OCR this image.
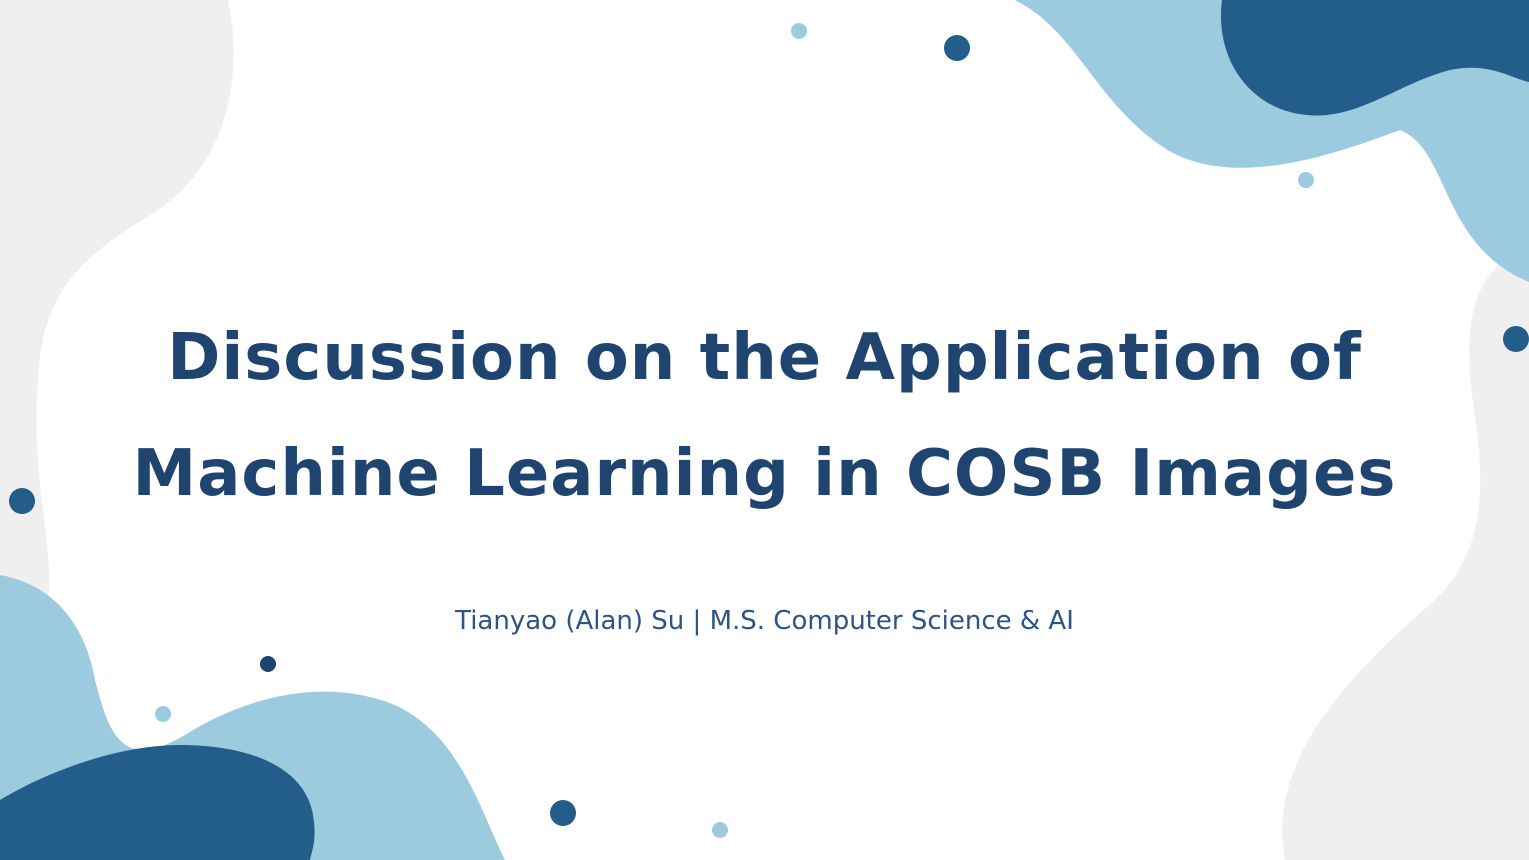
Discussion on the Application of
Machine Learning in COSB Images
Tianyao (Alan) Su | M.S. Computer Science & AI
